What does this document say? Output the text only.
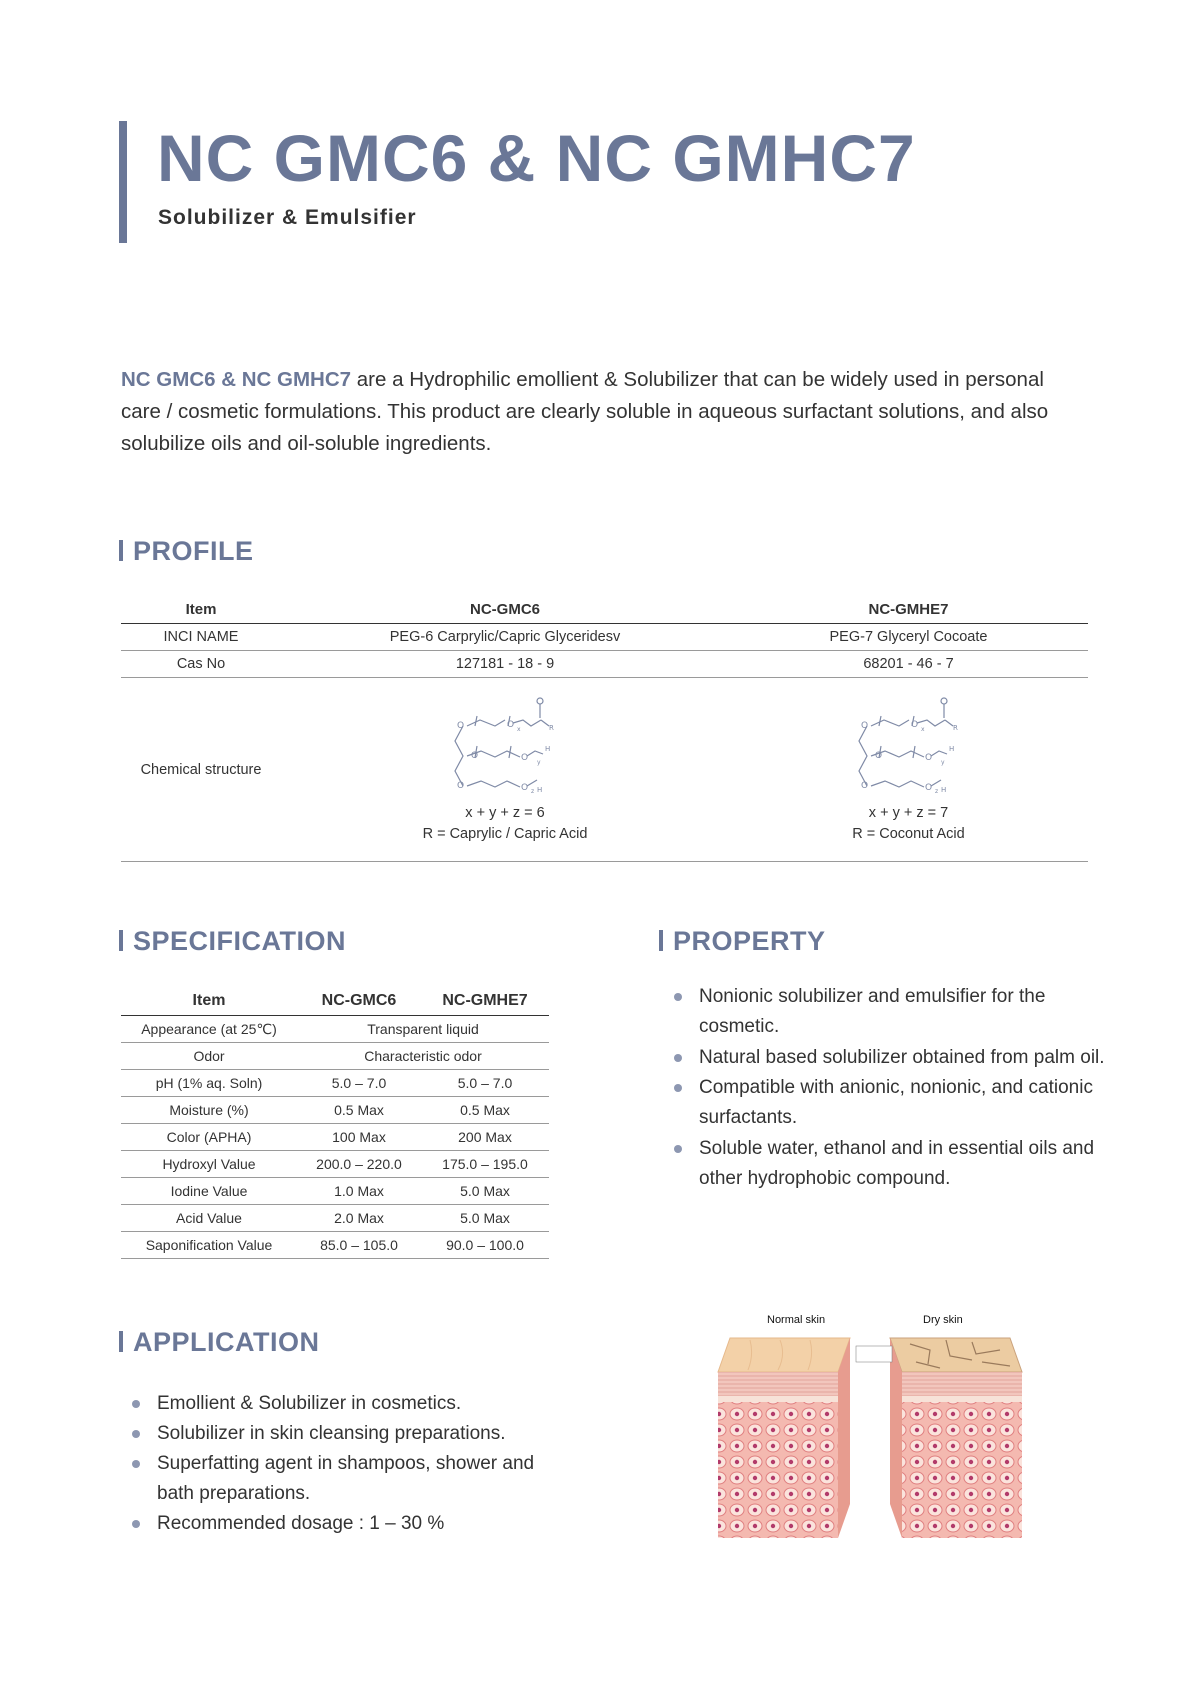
NC GMC6 & NC GMHC7
Solubilizer & Emulsifier

NC GMC6 & NC GMHC7 are a Hydrophilic emollient & Solubilizer that can be widely used in personal care / cosmetic formulations. This product are clearly soluble in aqueous surfactant solutions, and also solubilize oils and oil-soluble ingredients.

PROFILE
Item	NC-GMC6	NC-GMHE7
INCI NAME	PEG-6 Carprylic/Capric Glyceridesv	PEG-7 Glyceryl Cocoate
Cas No	127181 - 18 - 9	68201 - 46 - 7
Chemical structure
O	O
O	O
O	O
R
H
H
x
y
z
x + y + z = 6
R = Caprylic / Capric Acid
O	O
O	O
O	O
R
H
H
x
y
z
x + y + z = 7
R = Coconut Acid
SPECIFICATION
Item	NC-GMC6	NC-GMHE7
Appearance (at 25℃)	Transparent liquid
Odor	Characteristic odor
pH (1% aq. Soln)	5.0 – 7.0	5.0 – 7.0
Moisture (%)	0.5 Max	0.5 Max
Color (APHA)	100 Max	200 Max
Hydroxyl Value	200.0 – 220.0	175.0 – 195.0
Iodine Value	1.0 Max	5.0 Max
Acid Value	2.0 Max	5.0 Max
Saponification Value	85.0 – 105.0	90.0 – 100.0
PROPERTY
Nonionic solubilizer and emulsifier for the cosmetic.
Natural based solubilizer obtained from palm oil.
Compatible with anionic, nonionic, and cationic surfactants.
Soluble water, ethanol and in essential oils and other hydrophobic compound.
APPLICATION
Emollient & Solubilizer in cosmetics.
Solubilizer in skin cleansing preparations.
Superfatting agent in shampoos, shower and bath preparations.
Recommended dosage : 1 – 30 %
Normal skin	Dry skin
